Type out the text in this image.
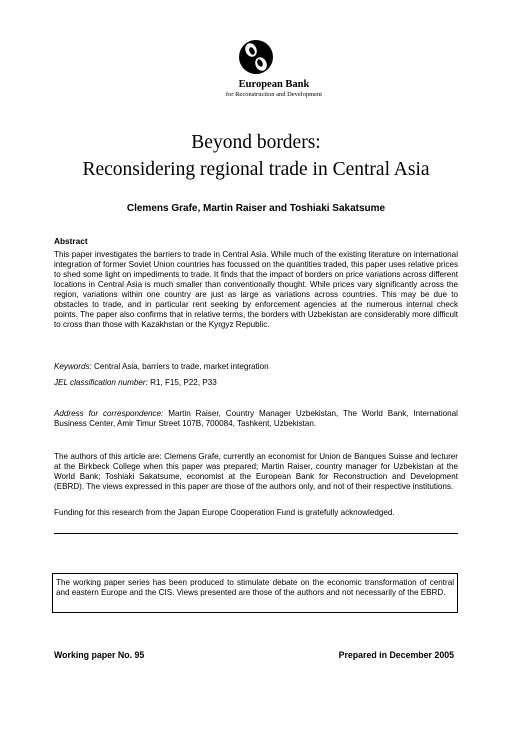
European Bank
for Reconstruction and Development
Beyond borders:
Reconsidering regional trade in Central Asia
Clemens Grafe, Martin Raiser and Toshiaki Sakatsume
Abstract
This paper investigates the barriers to trade in Central Asia. While much of the existing literature on international integration of former Soviet Union countries has focussed on the quantities traded, this paper uses relative prices to shed some light on impediments to trade. It finds that the impact of borders on price variations across different locations in Central Asia is much smaller than conventionally thought. While prices vary significantly across the region, variations within one country are just as large as variations across countries. This may be due to obstacles to trade, and in particular rent seeking by enforcement agencies at the numerous internal check points. The paper also confirms that in relative terms, the borders with Uzbekistan are considerably more difficult to cross than those with Kazakhstan or the Kyrgyz Republic.
Keywords: Central Asia, barriers to trade, market integration
JEL classification number: R1, F15, P22, P33
Address for correspondence: Martin Raiser, Country Manager Uzbekistan, The World Bank, International Business Center, Amir Timur Street 107B, 700084, Tashkent, Uzbekistan.
The authors of this article are: Clemens Grafe, currently an economist for Union de Banques Suisse and lecturer at the Birkbeck College when this paper was prepared; Martin Raiser, country manager for Uzbekistan at the World Bank; Toshiaki Sakatsume, economist at the European Bank for Reconstruction and Development (EBRD). The views expressed in this paper are those of the authors only, and not of their respective institutions.
Funding for this research from the Japan Europe Cooperation Fund is gratefully acknowledged.
The working paper series has been produced to stimulate debate on the economic transformation of central and eastern Europe and the CIS. Views presented are those of the authors and not necessarily of the EBRD.
Working paper No. 95	Prepared in December 2005
